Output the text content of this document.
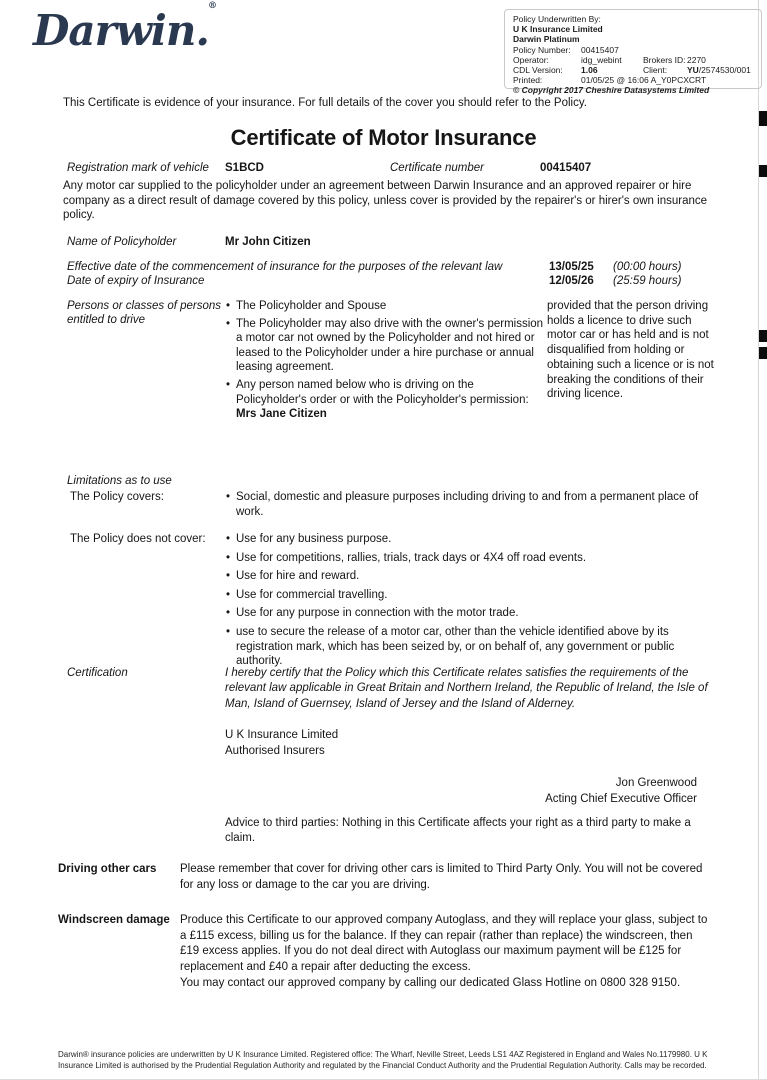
Darwin.®
Policy Underwritten By:
U K Insurance Limited
Darwin Platinum
Policy Number:	00415407
Operator:	idg_webint	Brokers ID: 2270
CDL Version:	1.06	Client:	YU/2574530/001
Printed:	01/05/25 @ 16:06 A_Y0PCXCRT
© Copyright 2017 Cheshire Datasystems Limited
This Certificate is evidence of your insurance. For full details of the cover you should refer to the Policy.
Certificate of Motor Insurance
Registration mark of vehicle	S1BCD	Certificate number	00415407
Any motor car supplied to the policyholder under an agreement between Darwin Insurance and an approved repairer or hire company as a direct result of damage covered by this policy, unless cover is provided by the repairer's or hirer's own insurance policy.
Name of Policyholder	Mr John Citizen
Effective date of the commencement of insurance for the purposes of the relevant law	13/05/25	(00:00 hours)
Date of expiry of Insurance	12/05/26	(25:59 hours)
Persons or classes of persons entitled to drive
• The Policyholder and Spouse
• The Policyholder may also drive with the owner's permission a motor car not owned by the Policyholder and not hired or leased to the Policyholder under a hire purchase or annual leasing agreement.
• Any person named below who is driving on the Policyholder's order or with the Policyholder's permission:
Mrs Jane Citizen
provided that the person driving holds a licence to drive such motor car or has held and is not disqualified from holding or obtaining such a licence or is not breaking the conditions of their driving licence.
Limitations as to use
The Policy covers:	• Social, domestic and pleasure purposes including driving to and from a permanent place of work.
The Policy does not cover:	• Use for any business purpose.
• Use for competitions, rallies, trials, track days or 4X4 off road events.
• Use for hire and reward.
• Use for commercial travelling.
• Use for any purpose in connection with the motor trade.
• use to secure the release of a motor car, other than the vehicle identified above by its registration mark, which has been seized by, or on behalf of, any government or public authority.
Certification	I hereby certify that the Policy which this Certificate relates satisfies the requirements of the relevant law applicable in Great Britain and Northern Ireland, the Republic of Ireland, the Isle of Man, Island of Guernsey, Island of Jersey and the Island of Alderney.
U K Insurance Limited
Authorised Insurers
Jon Greenwood
Acting Chief Executive Officer
Advice to third parties: Nothing in this Certificate affects your right as a third party to make a claim.
Driving other cars	Please remember that cover for driving other cars is limited to Third Party Only. You will not be covered for any loss or damage to the car you are driving.
Windscreen damage Produce this Certificate to our approved company Autoglass, and they will replace your glass, subject to a £115 excess, billing us for the balance. If they can repair (rather than replace) the windscreen, then £19 excess applies. If you do not deal direct with Autoglass our maximum payment will be £125 for replacement and £40 a repair after deducting the excess.
You may contact our approved company by calling our dedicated Glass Hotline on 0800 328 9150.
Darwin® insurance policies are underwritten by U K Insurance Limited. Registered office: The Wharf, Neville Street, Leeds LS1 4AZ Registered in England and Wales No.1179980. U K Insurance Limited is authorised by the Prudential Regulation Authority and regulated by the Financial Conduct Authority and the Prudential Regulation Authority. Calls may be recorded.
